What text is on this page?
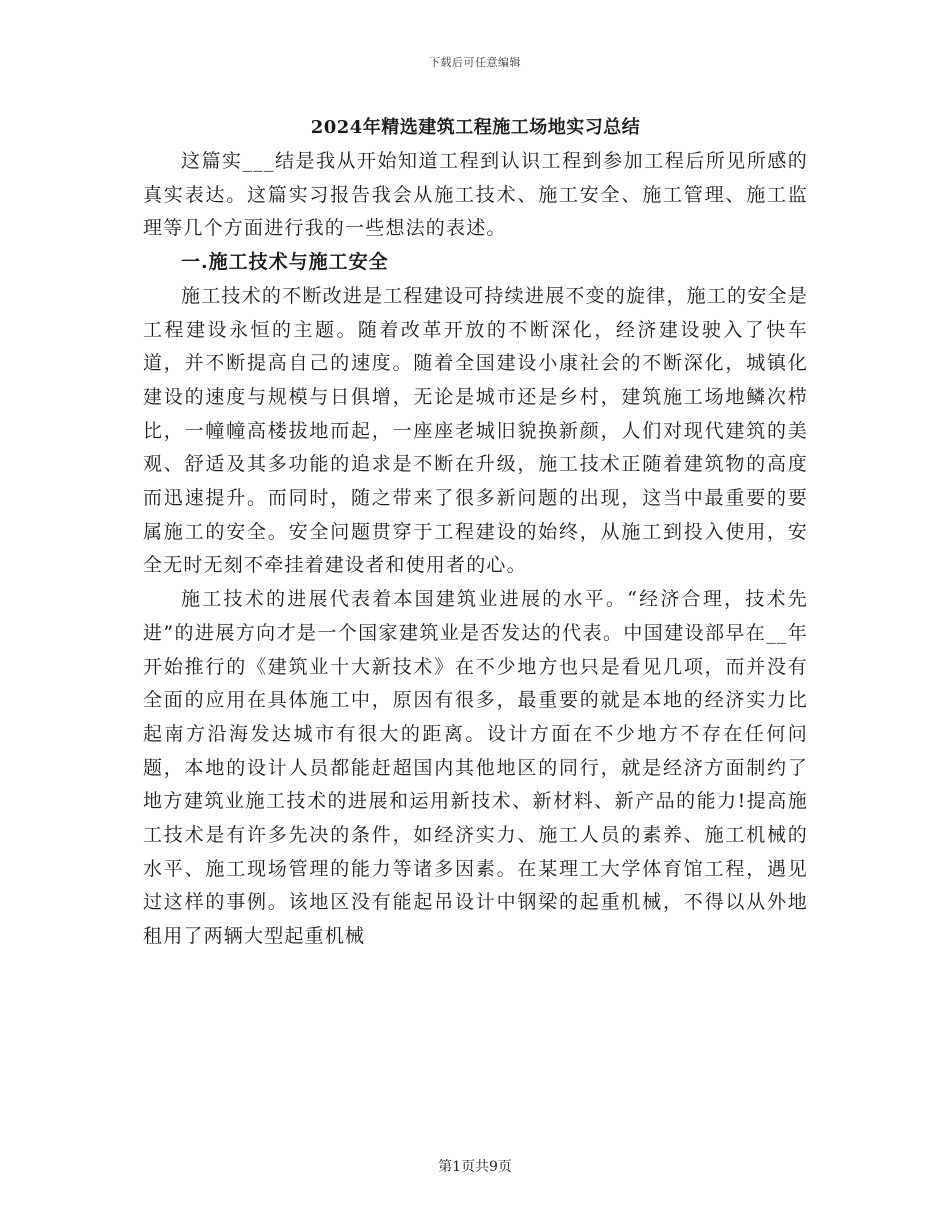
下载后可任意编辑
2024年精选建筑工程施工场地实习总结

这篇实___结是我从开始知道工程到认识工程到参加工程后所见所感的真实表达。这篇实习报告我会从施工技术、施工安全、施工管理、施工监理等几个方面进行我的一些想法的表述。

一.施工技术与施工安全

施工技术的不断改进是工程建设可持续进展不变的旋律，施工的安全是工程建设永恒的主题。随着改革开放的不断深化，经济建设驶入了快车道，并不断提高自己的速度。随着全国建设小康社会的不断深化，城镇化建设的速度与规模与日俱增，无论是城市还是乡村，建筑施工场地鳞次栉比，一幢幢高楼拔地而起，一座座老城旧貌换新颜，人们对现代建筑的美观、舒适及其多功能的追求是不断在升级，施工技术正随着建筑物的高度而迅速提升。而同时，随之带来了很多新问题的出现，这当中最重要的要属施工的安全。安全问题贯穿于工程建设的始终，从施工到投入使用，安全无时无刻不牵挂着建设者和使用者的心。

施工技术的进展代表着本国建筑业进展的水平。“经济合理，技术先进”的进展方向才是一个国家建筑业是否发达的代表。中国建设部早在__年开始推行的《建筑业十大新技术》在不少地方也只是看见几项，而并没有全面的应用在具体施工中，原因有很多，最重要的就是本地的经济实力比起南方沿海发达城市有很大的距离。设计方面在不少地方不存在任何问题，本地的设计人员都能赶超国内其他地区的同行，就是经济方面制约了地方建筑业施工技术的进展和运用新技术、新材料、新产品的能力!提高施工技术是有许多先决的条件，如经济实力、施工人员的素养、施工机械的水平、施工现场管理的能力等诸多因素。在某理工大学体育馆工程，遇见过这样的事例。该地区没有能起吊设计中钢梁的起重机械，不得以从外地租用了两辆大型起重机械

第1页共9页
